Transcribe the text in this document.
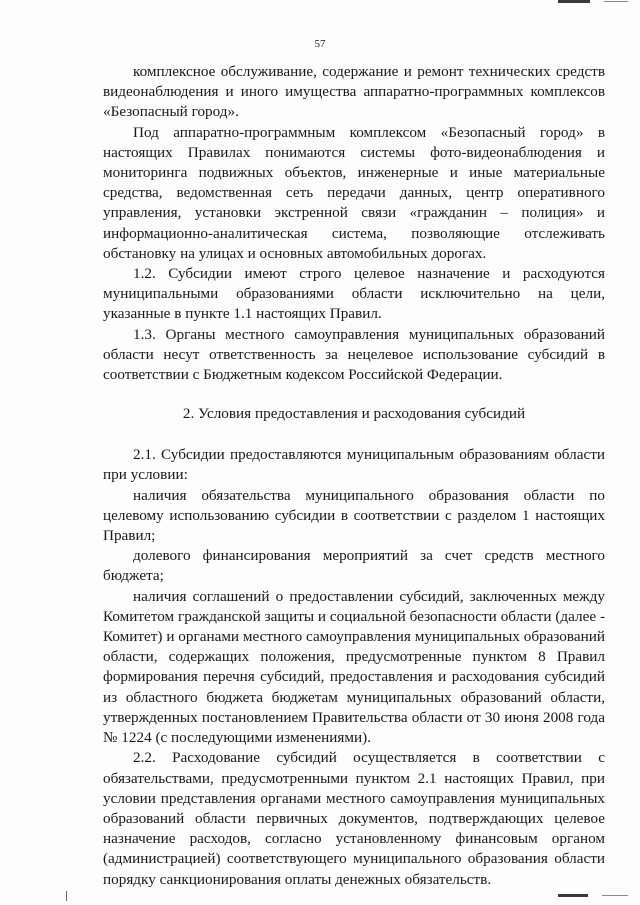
57

комплексное обслуживание, содержание и ремонт технических средств видеонаблюдения и иного имущества аппаратно-программных комплексов «Безопасный город».

Под аппаратно-программным комплексом «Безопасный город» в настоящих Правилах понимаются системы фото-видеонаблюдения и мониторинга подвижных объектов, инженерные и иные материальные средства, ведомственная сеть передачи данных, центр оперативного управления, установки экстренной связи «гражданин – полиция» и информационно-аналитическая система, позволяющие отслеживать обстановку на улицах и основных автомобильных дорогах.

1.2. Субсидии имеют строго целевое назначение и расходуются муниципальными образованиями области исключительно на цели, указанные в пункте 1.1 настоящих Правил.

1.3. Органы местного самоуправления муниципальных образований области несут ответственность за нецелевое использование субсидий в соответствии с Бюджетным кодексом Российской Федерации.

2. Условия предоставления и расходования субсидий

2.1. Субсидии предоставляются муниципальным образованиям области при условии:

наличия обязательства муниципального образования области по целевому использованию субсидии в соответствии с разделом 1 настоящих Правил;

долевого финансирования мероприятий за счет средств местного бюджета;

наличия соглашений о предоставлении субсидий, заключенных между Комитетом гражданской защиты и социальной безопасности области (далее - Комитет) и органами местного самоуправления муниципальных образований области, содержащих положения, предусмотренные пунктом 8 Правил формирования перечня субсидий, предоставления и расходования субсидий из областного бюджета бюджетам муниципальных образований области, утвержденных постановлением Правительства области от 30 июня 2008 года № 1224 (с последующими изменениями).

2.2. Расходование субсидий осуществляется в соответствии с обязательствами, предусмотренными пунктом 2.1 настоящих Правил, при условии представления органами местного самоуправления муниципальных образований области первичных документов, подтверждающих целевое назначение расходов, согласно установленному финансовым органом (администрацией) соответствующего муниципального образования области порядку санкционирования оплаты денежных обязательств.
